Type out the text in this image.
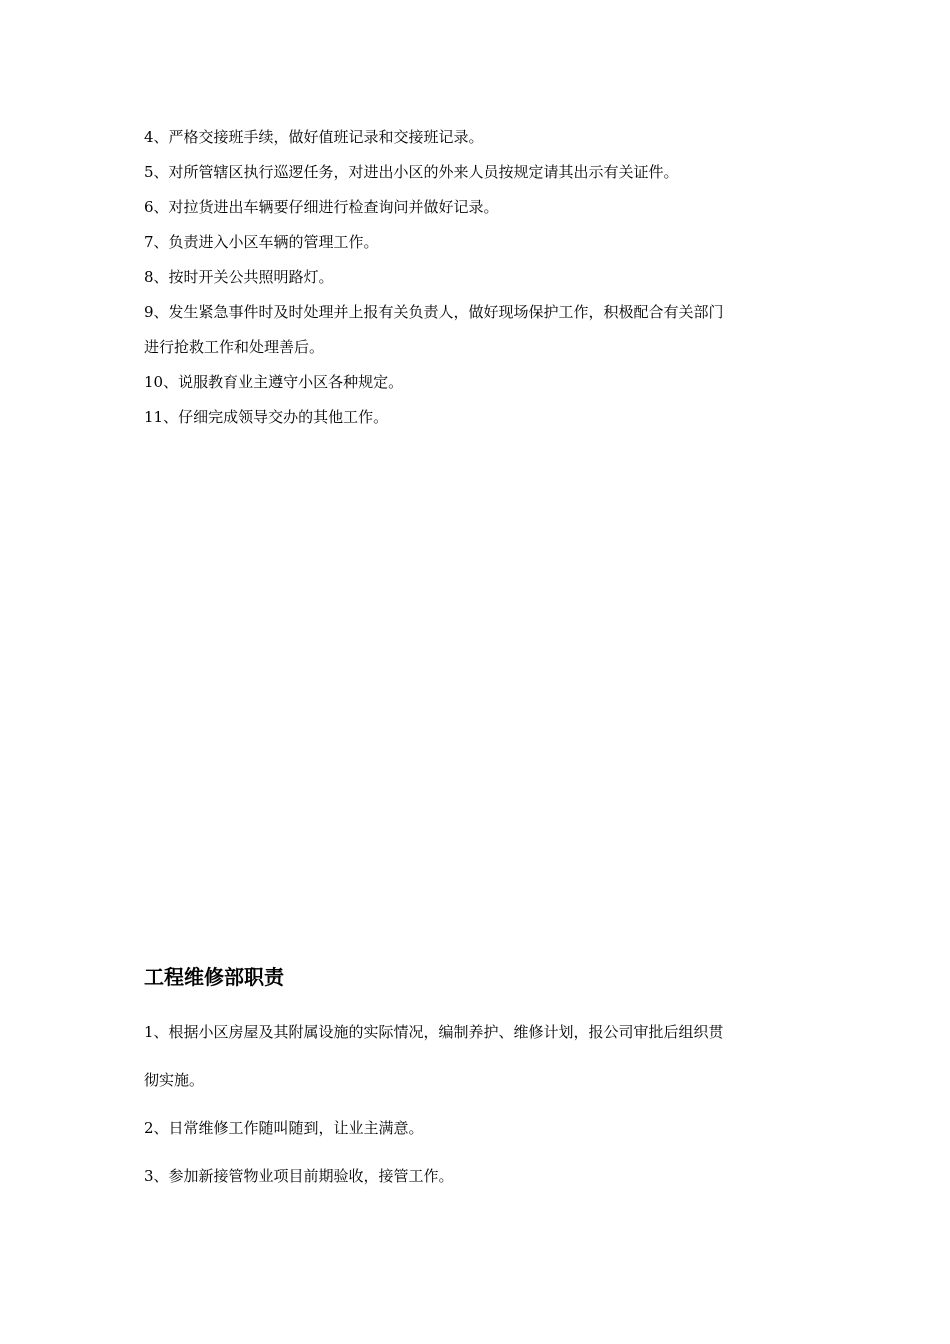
4、严格交接班手续，做好值班记录和交接班记录。
5、对所管辖区执行巡逻任务，对进出小区的外来人员按规定请其出示有关证件。
6、对拉货进出车辆要仔细进行检查询问并做好记录。
7、负责进入小区车辆的管理工作。
8、按时开关公共照明路灯。
9、发生紧急事件时及时处理并上报有关负责人，做好现场保护工作，积极配合有关部门
进行抢救工作和处理善后。
10、说服教育业主遵守小区各种规定。
11、仔细完成领导交办的其他工作。
工程维修部职责
1、根据小区房屋及其附属设施的实际情况，编制养护、维修计划，报公司审批后组织贯
彻实施。
2、日常维修工作随叫随到，让业主满意。
3、参加新接管物业项目前期验收，接管工作。
